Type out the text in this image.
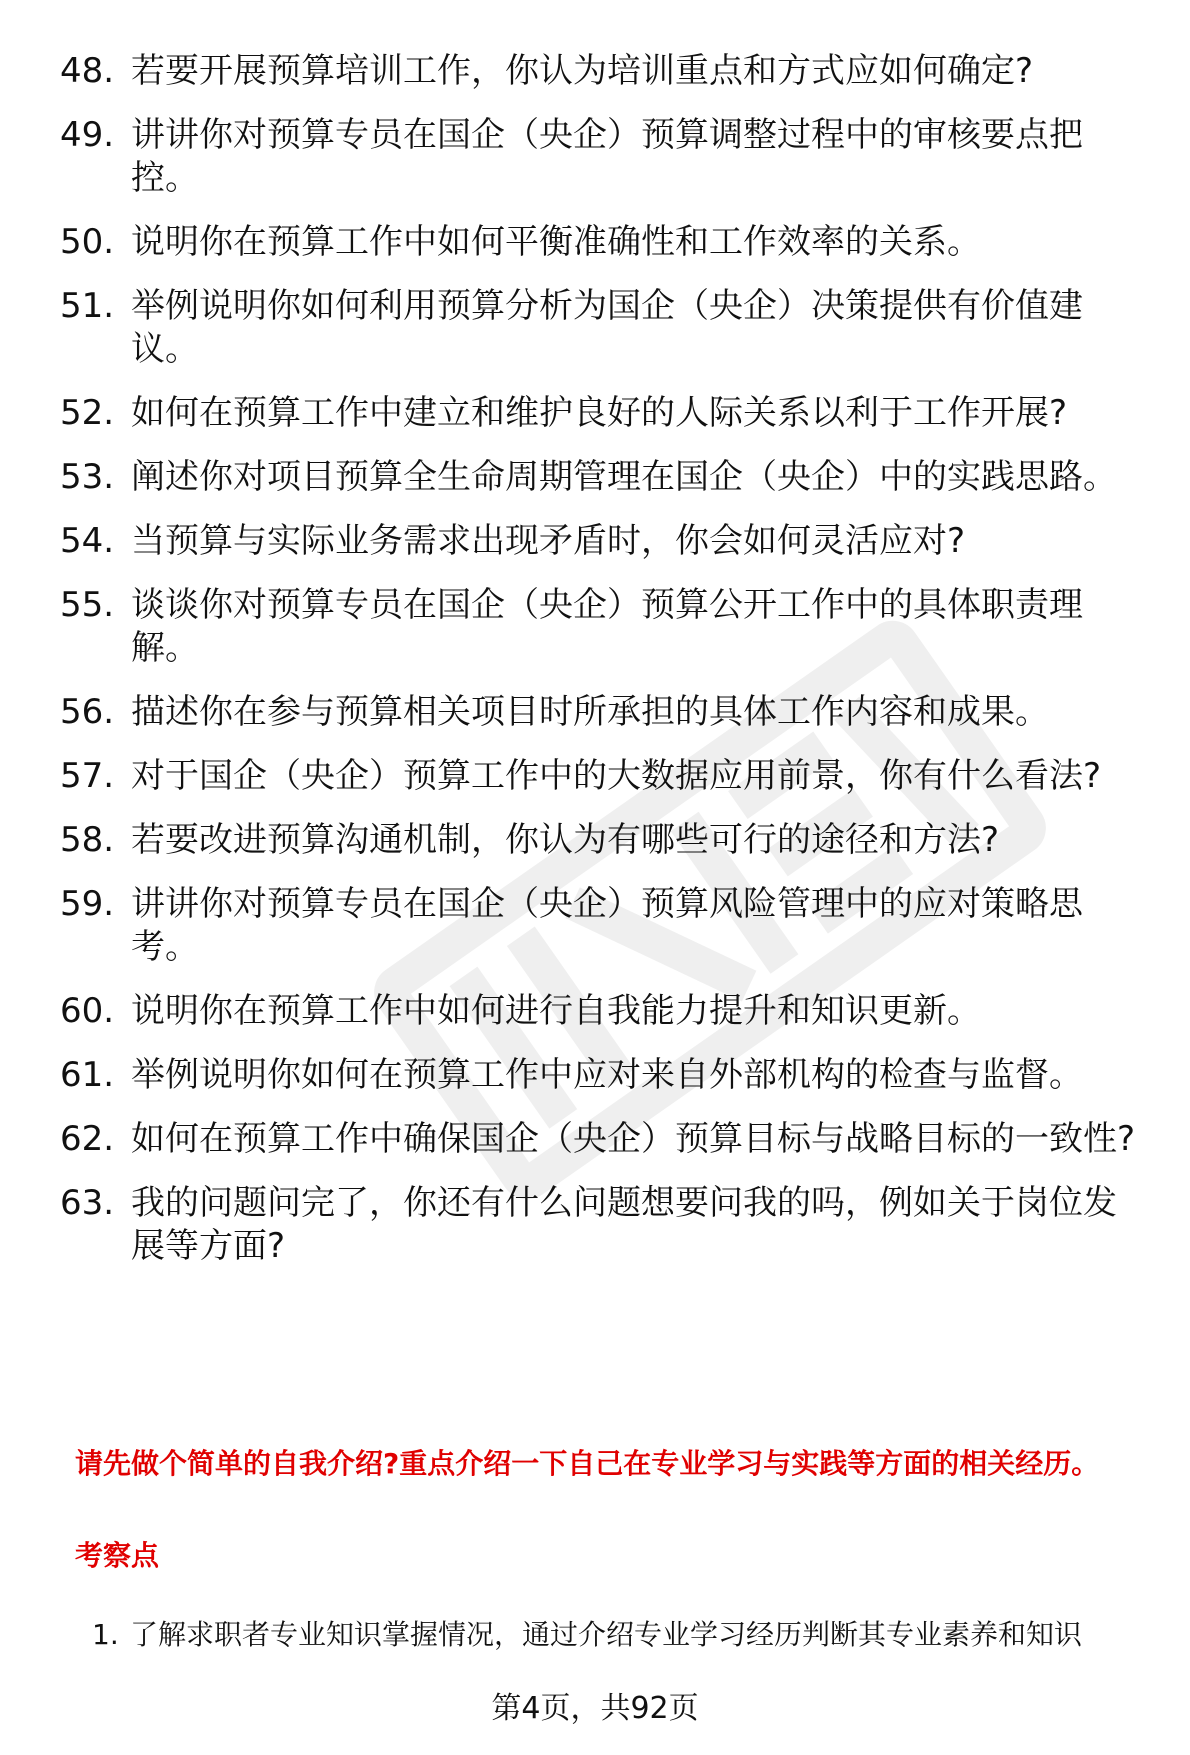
48. 若要开展预算培训工作，你认为培训重点和方式应如何确定?
49. 讲讲你对预算专员在国企（央企）预算调整过程中的审核要点把控。
50. 说明你在预算工作中如何平衡准确性和工作效率的关系。
51. 举例说明你如何利用预算分析为国企（央企）决策提供有价值建议。
52. 如何在预算工作中建立和维护良好的人际关系以利于工作开展?
53. 阐述你对项目预算全生命周期管理在国企（央企）中的实践思路。
54. 当预算与实际业务需求出现矛盾时，你会如何灵活应对?
55. 谈谈你对预算专员在国企（央企）预算公开工作中的具体职责理解。
56. 描述你在参与预算相关项目时所承担的具体工作内容和成果。
57. 对于国企（央企）预算工作中的大数据应用前景，你有什么看法?
58. 若要改进预算沟通机制，你认为有哪些可行的途径和方法?
59. 讲讲你对预算专员在国企（央企）预算风险管理中的应对策略思考。
60. 说明你在预算工作中如何进行自我能力提升和知识更新。
61. 举例说明你如何在预算工作中应对来自外部机构的检查与监督。
62. 如何在预算工作中确保国企（央企）预算目标与战略目标的一致性?
63. 我的问题问完了，你还有什么问题想要问我的吗，例如关于岗位发展等方面?
请先做个简单的自我介绍?重点介绍一下自己在专业学习与实践等方面的相关经历。
考察点
1. 了解求职者专业知识掌握情况，通过介绍专业学习经历判断其专业素养和知识
第4页，共92页
